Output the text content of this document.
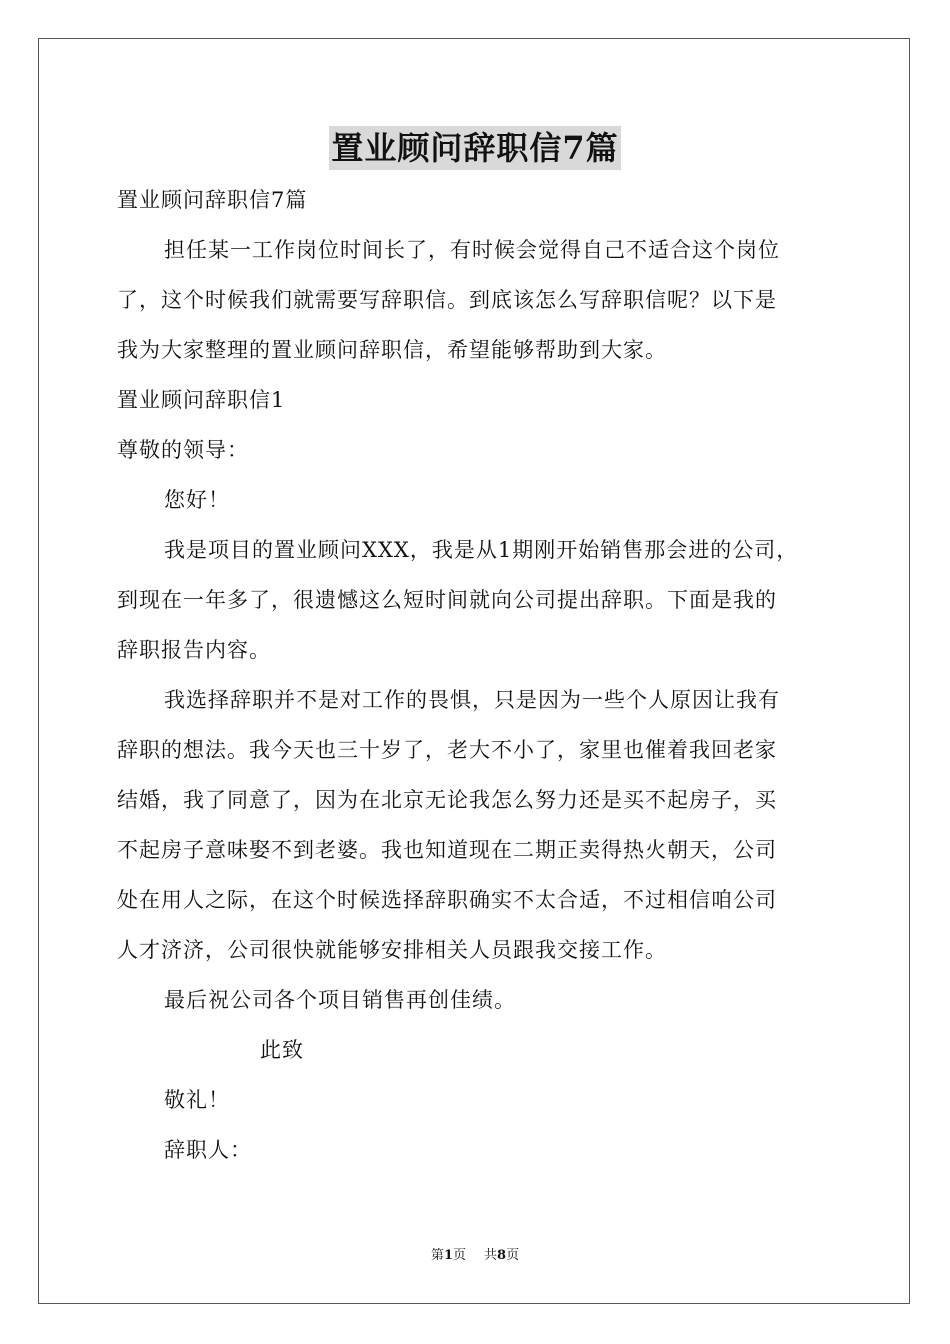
置业顾问辞职信7篇
置业顾问辞职信7篇
担任某一工作岗位时间长了，有时候会觉得自己不适合这个岗位
了，这个时候我们就需要写辞职信。到底该怎么写辞职信呢？以下是
我为大家整理的置业顾问辞职信，希望能够帮助到大家。
置业顾问辞职信1
尊敬的领导：
您好！
我是项目的置业顾问XXX，我是从1期刚开始销售那会进的公司，
到现在一年多了，很遗憾这么短时间就向公司提出辞职。下面是我的
辞职报告内容。
我选择辞职并不是对工作的畏惧，只是因为一些个人原因让我有
辞职的想法。我今天也三十岁了，老大不小了，家里也催着我回老家
结婚，我了同意了，因为在北京无论我怎么努力还是买不起房子，买
不起房子意味娶不到老婆。我也知道现在二期正卖得热火朝天，公司
处在用人之际，在这个时候选择辞职确实不太合适，不过相信咱公司
人才济济，公司很快就能够安排相关人员跟我交接工作。
最后祝公司各个项目销售再创佳绩。
此致
敬礼！
辞职人：
第1页 共8页
